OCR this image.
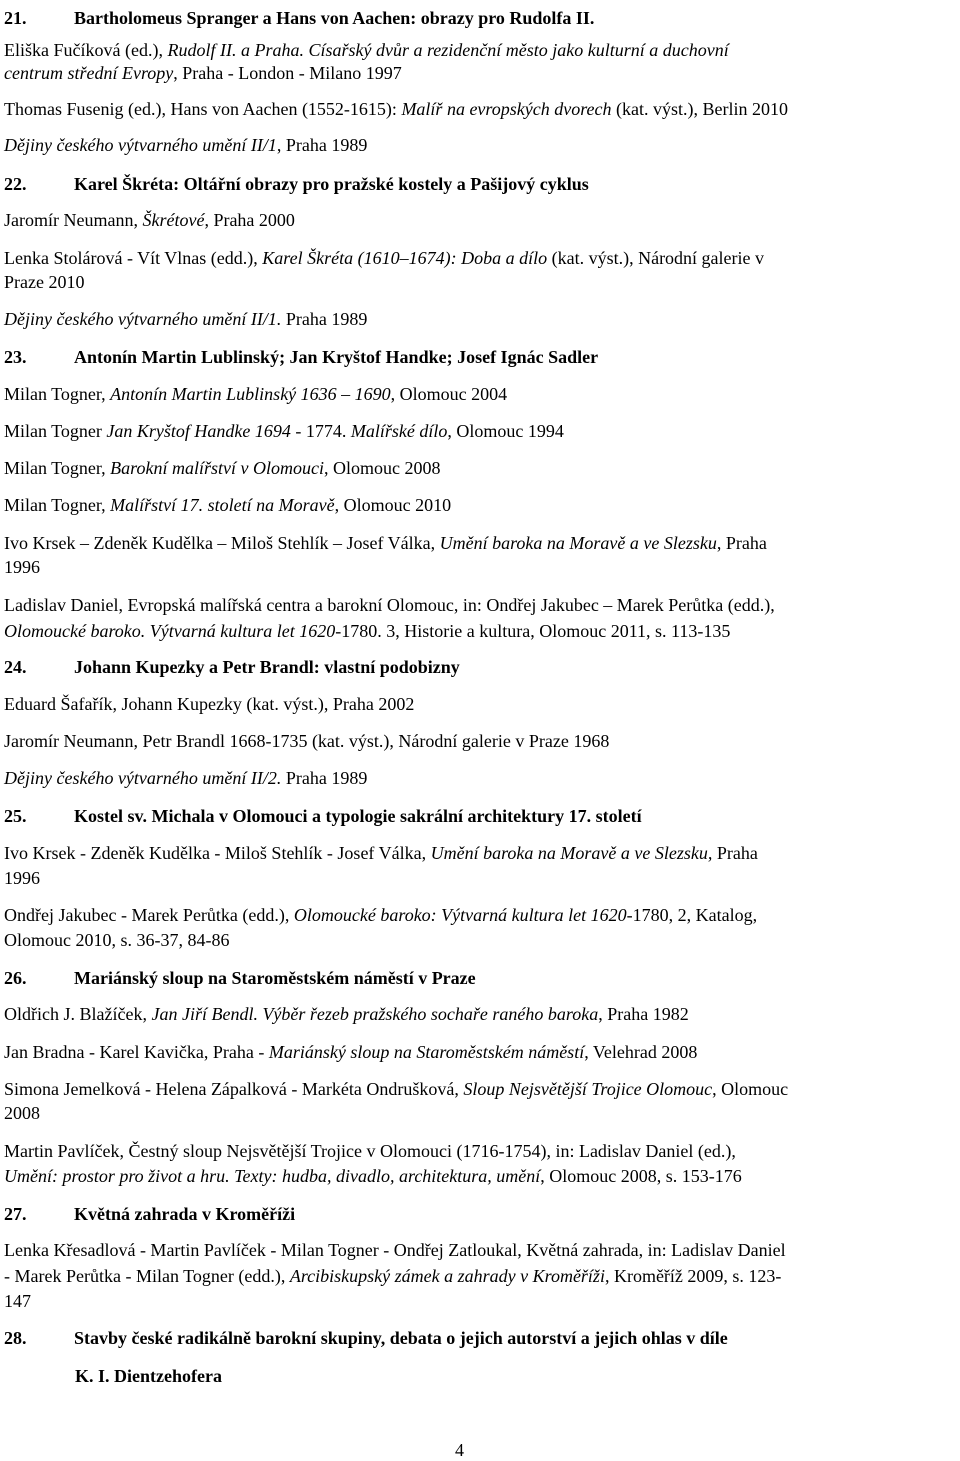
21.	Bartholomeus Spranger a Hans von Aachen: obrazy pro Rudolfa II.
Eliška Fučíková (ed.), Rudolf II. a Praha. Císařský dvůr a rezidenční město jako kulturní a duchovní
centrum střední Evropy, Praha - London - Milano 1997
Thomas Fusenig (ed.), Hans von Aachen (1552-1615): Malíř na evropských dvorech (kat. výst.), Berlin 2010
Dějiny českého výtvarného umění II/1, Praha 1989
22.	Karel Škréta: Oltářní obrazy pro pražské kostely a Pašijový cyklus
Jaromír Neumann, Škrétové, Praha 2000
Lenka Stolárová - Vít Vlnas (edd.), Karel Škréta (1610–1674): Doba a dílo (kat. výst.), Národní galerie v
Praze 2010
Dějiny českého výtvarného umění II/1. Praha 1989
23.	Antonín Martin Lublinský; Jan Kryštof Handke; Josef Ignác Sadler
Milan Togner, Antonín Martin Lublinský 1636 – 1690, Olomouc 2004
Milan Togner Jan Kryštof Handke 1694 - 1774. Malířské dílo, Olomouc 1994
Milan Togner, Barokní malířství v Olomouci, Olomouc 2008
Milan Togner, Malířství 17. století na Moravě, Olomouc 2010
Ivo Krsek – Zdeněk Kudělka – Miloš Stehlík – Josef Válka, Umění baroka na Moravě a ve Slezsku, Praha
1996
Ladislav Daniel, Evropská malířská centra a barokní Olomouc, in: Ondřej Jakubec – Marek Perůtka (edd.),
Olomoucké baroko. Výtvarná kultura let 1620-1780. 3, Historie a kultura, Olomouc 2011, s. 113-135
24.	Johann Kupezky a Petr Brandl: vlastní podobizny
Eduard Šafařík, Johann Kupezky (kat. výst.), Praha 2002
Jaromír Neumann, Petr Brandl 1668-1735 (kat. výst.), Národní galerie v Praze 1968
Dějiny českého výtvarného umění II/2. Praha 1989
25.	Kostel sv. Michala v Olomouci a typologie sakrální architektury 17. století
Ivo Krsek - Zdeněk Kudělka - Miloš Stehlík - Josef Válka, Umění baroka na Moravě a ve Slezsku, Praha
1996
Ondřej Jakubec - Marek Perůtka (edd.), Olomoucké baroko: Výtvarná kultura let 1620-1780, 2, Katalog,
Olomouc 2010, s. 36-37, 84-86
26.	Mariánský sloup na Staroměstském náměstí v Praze
Oldřich J. Blažíček, Jan Jiří Bendl. Výběr řezeb pražského sochaře raného baroka, Praha 1982
Jan Bradna - Karel Kavička, Praha - Mariánský sloup na Staroměstském náměstí, Velehrad 2008
Simona Jemelková - Helena Zápalková - Markéta Ondrušková, Sloup Nejsvětější Trojice Olomouc, Olomouc
2008
Martin Pavlíček, Čestný sloup Nejsvětější Trojice v Olomouci (1716-1754), in: Ladislav Daniel (ed.),
Umění: prostor pro život a hru. Texty: hudba, divadlo, architektura, umění, Olomouc 2008, s. 153-176
27.	Květná zahrada v Kroměříži
Lenka Křesadlová - Martin Pavlíček - Milan Togner - Ondřej Zatloukal, Květná zahrada, in: Ladislav Daniel
- Marek Perůtka - Milan Togner (edd.), Arcibiskupský zámek a zahrady v Kroměříži, Kroměříž 2009, s. 123-
147
28.	Stavby české radikálně barokní skupiny, debata o jejich autorství a jejich ohlas v díle
K. I. Dientzehofera
4
